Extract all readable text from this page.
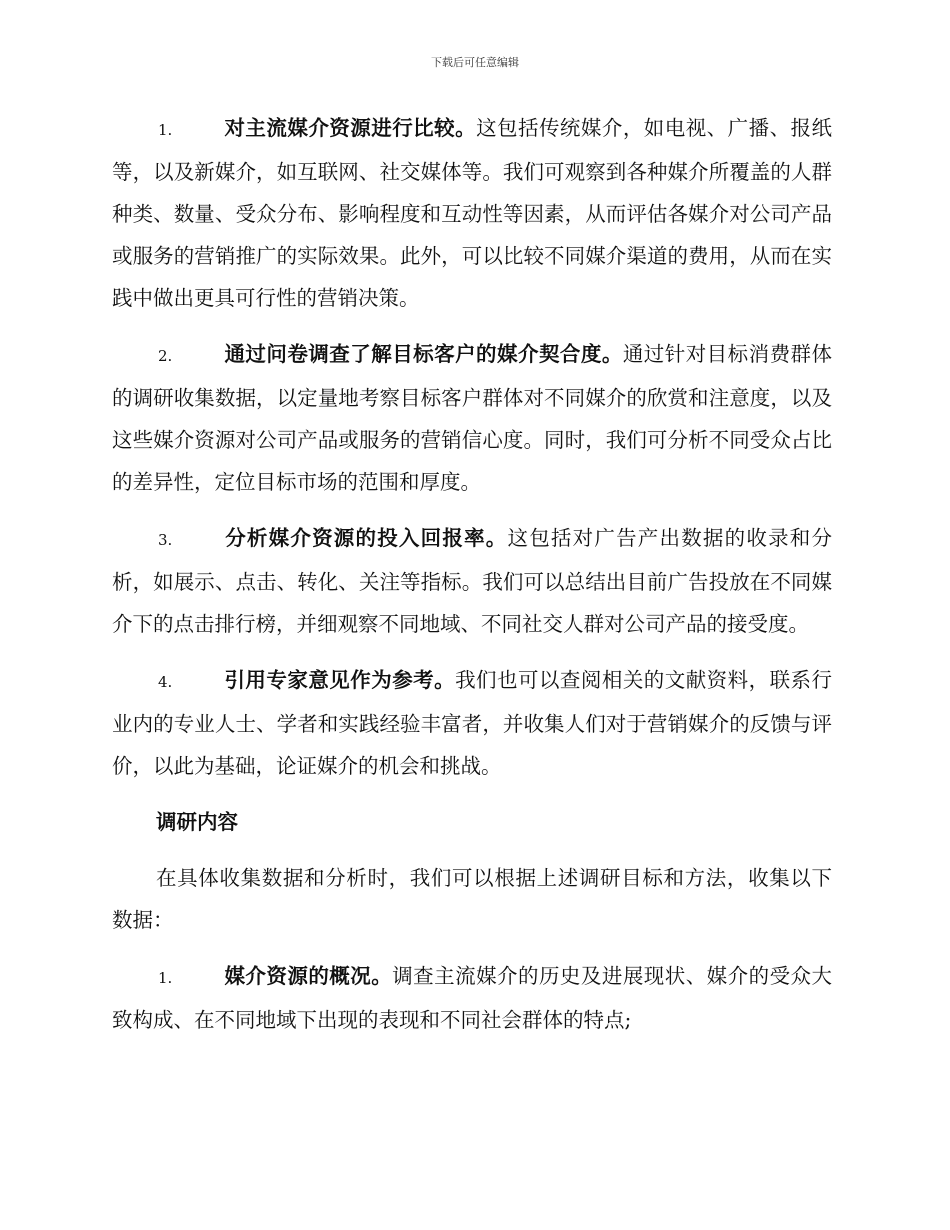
下载后可任意编辑

1.	对主流媒介资源进行比较。这包括传统媒介，如电视、广播、报纸等，以及新媒介，如互联网、社交媒体等。我们可观察到各种媒介所覆盖的人群种类、数量、受众分布、影响程度和互动性等因素，从而评估各媒介对公司产品或服务的营销推广的实际效果。此外，可以比较不同媒介渠道的费用，从而在实践中做出更具可行性的营销决策。

2.	通过问卷调查了解目标客户的媒介契合度。通过针对目标消费群体的调研收集数据，以定量地考察目标客户群体对不同媒介的欣赏和注意度，以及这些媒介资源对公司产品或服务的营销信心度。同时，我们可分析不同受众占比的差异性，定位目标市场的范围和厚度。

3.	分析媒介资源的投入回报率。这包括对广告产出数据的收录和分析，如展示、点击、转化、关注等指标。我们可以总结出目前广告投放在不同媒介下的点击排行榜，并细观察不同地域、不同社交人群对公司产品的接受度。

4.	引用专家意见作为参考。我们也可以查阅相关的文献资料，联系行业内的专业人士、学者和实践经验丰富者，并收集人们对于营销媒介的反馈与评价，以此为基础，论证媒介的机会和挑战。

调研内容

在具体收集数据和分析时，我们可以根据上述调研目标和方法，收集以下数据：

1.	媒介资源的概况。调查主流媒介的历史及进展现状、媒介的受众大致构成、在不同地域下出现的表现和不同社会群体的特点;
